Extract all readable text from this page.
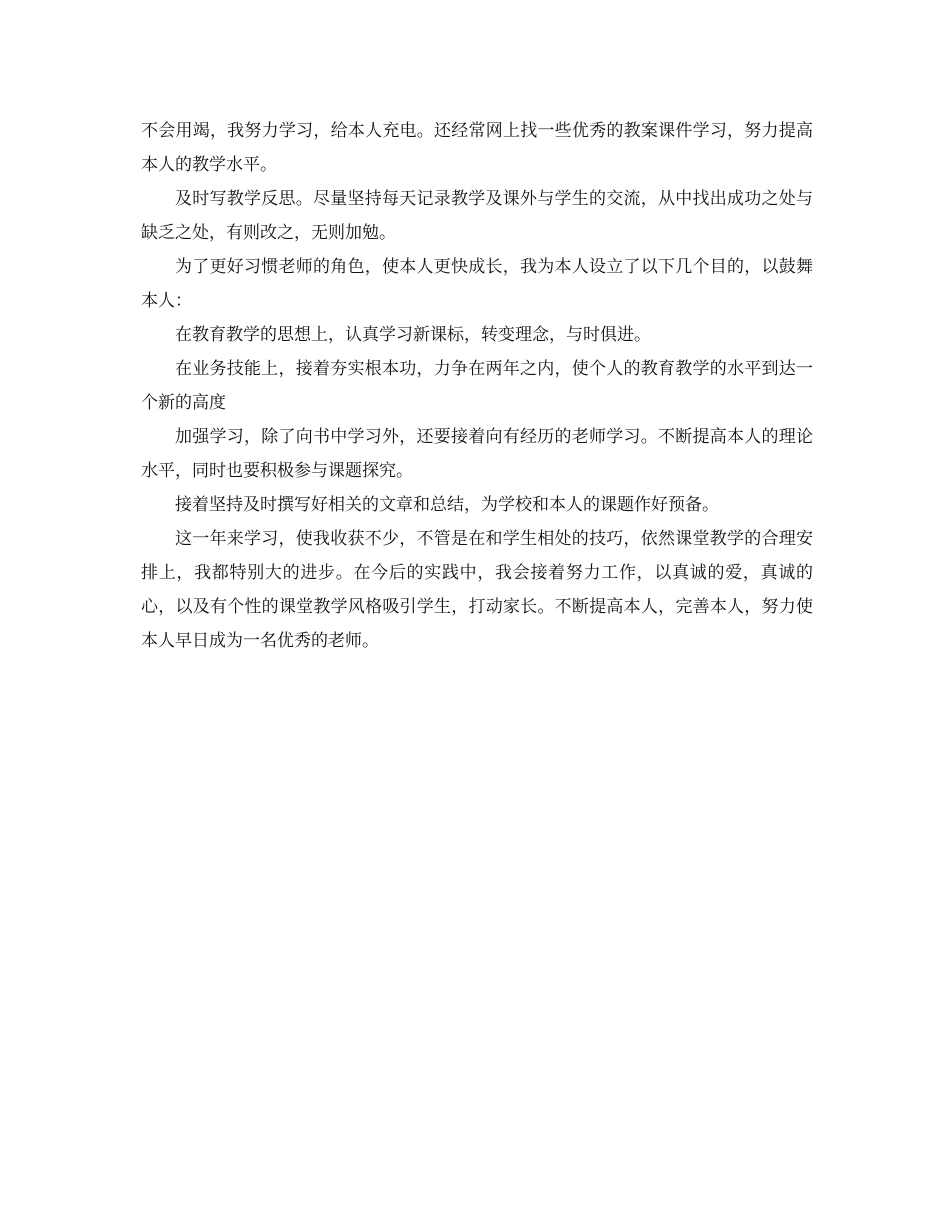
不会用竭，我努力学习，给本人充电。还经常网上找一些优秀的教案课件学习，努力提高本人的教学水平。

及时写教学反思。尽量坚持每天记录教学及课外与学生的交流，从中找出成功之处与缺乏之处，有则改之，无则加勉。

为了更好习惯老师的角色，使本人更快成长，我为本人设立了以下几个目的，以鼓舞本人：

在教育教学的思想上，认真学习新课标，转变理念，与时俱进。

在业务技能上，接着夯实根本功，力争在两年之内，使个人的教育教学的水平到达一个新的高度

加强学习，除了向书中学习外，还要接着向有经历的老师学习。不断提高本人的理论水平，同时也要积极参与课题探究。

接着坚持及时撰写好相关的文章和总结，为学校和本人的课题作好预备。

这一年来学习，使我收获不少，不管是在和学生相处的技巧，依然课堂教学的合理安排上，我都特别大的进步。在今后的实践中，我会接着努力工作，以真诚的爱，真诚的心，以及有个性的课堂教学风格吸引学生，打动家长。不断提高本人，完善本人，努力使本人早日成为一名优秀的老师。
